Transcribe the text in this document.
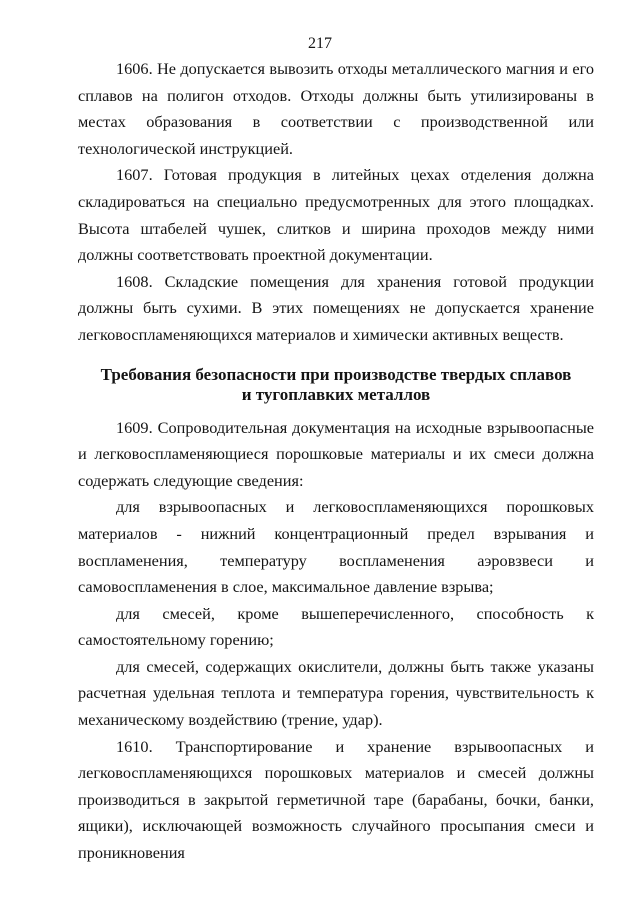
217

1606. Не допускается вывозить отходы металлического магния и его сплавов на полигон отходов. Отходы должны быть утилизированы в местах образования в соответствии с производственной или технологической инструкцией.

1607. Готовая продукция в литейных цехах отделения должна складироваться на специально предусмотренных для этого площадках. Высота штабелей чушек, слитков и ширина проходов между ними должны соответствовать проектной документации.

1608. Складские помещения для хранения готовой продукции должны быть сухими. В этих помещениях не допускается хранение легковоспламеняющихся материалов и химически активных веществ.

Требования безопасности при производстве твердых сплавов
и тугоплавких металлов

1609. Сопроводительная документация на исходные взрывоопасные и легковоспламеняющиеся порошковые материалы и их смеси должна содержать следующие сведения:

для взрывоопасных и легковоспламеняющихся порошковых материалов - нижний концентрационный предел взрывания и воспламенения, температуру воспламенения аэровзвеси и самовоспламенения в слое, максимальное давление взрыва;

для смесей, кроме вышеперечисленного, способность к самостоятельному горению;

для смесей, содержащих окислители, должны быть также указаны расчетная удельная теплота и температура горения, чувствительность к механическому воздействию (трение, удар).

1610. Транспортирование и хранение взрывоопасных и легковоспламеняющихся порошковых материалов и смесей должны производиться в закрытой герметичной таре (барабаны, бочки, банки, ящики), исключающей возможность случайного просыпания смеси и проникновения
